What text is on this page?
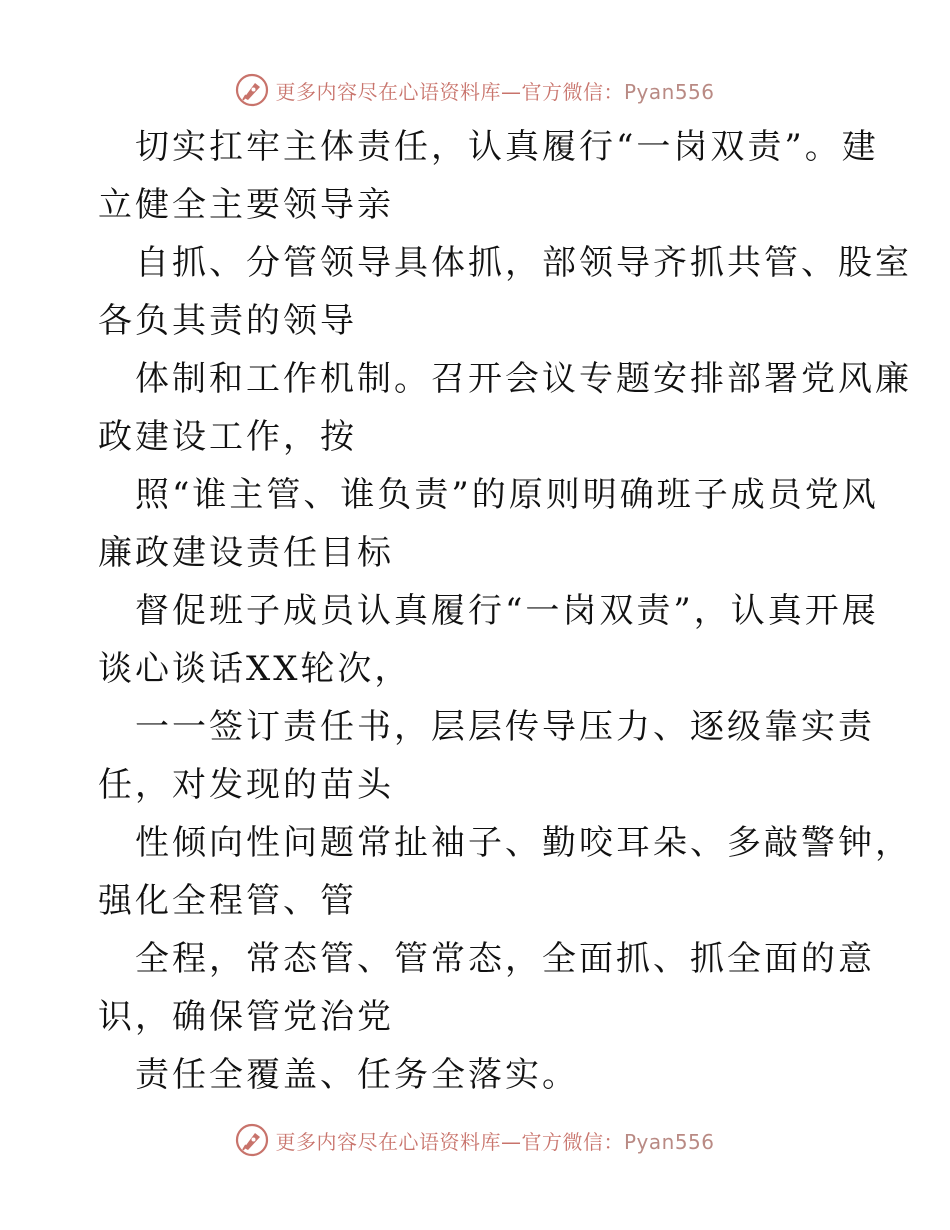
更多内容尽在心语资料库—官方微信：Pyan556
切实扛牢主体责任，认真履行“一岗双责”。建
立健全主要领导亲
自抓、分管领导具体抓，部领导齐抓共管、股室
各负其责的领导
体制和工作机制。召开会议专题安排部署党风廉
政建设工作，按
照“谁主管、谁负责”的原则明确班子成员党风
廉政建设责任目标
督促班子成员认真履行“一岗双责”，认真开展
谈心谈话XX轮次，
一一签订责任书，层层传导压力、逐级靠实责
任，对发现的苗头
性倾向性问题常扯袖子、勤咬耳朵、多敲警钟，
强化全程管、管
全程，常态管、管常态，全面抓、抓全面的意
识，确保管党治党
责任全覆盖、任务全落实。
更多内容尽在心语资料库—官方微信：Pyan556
